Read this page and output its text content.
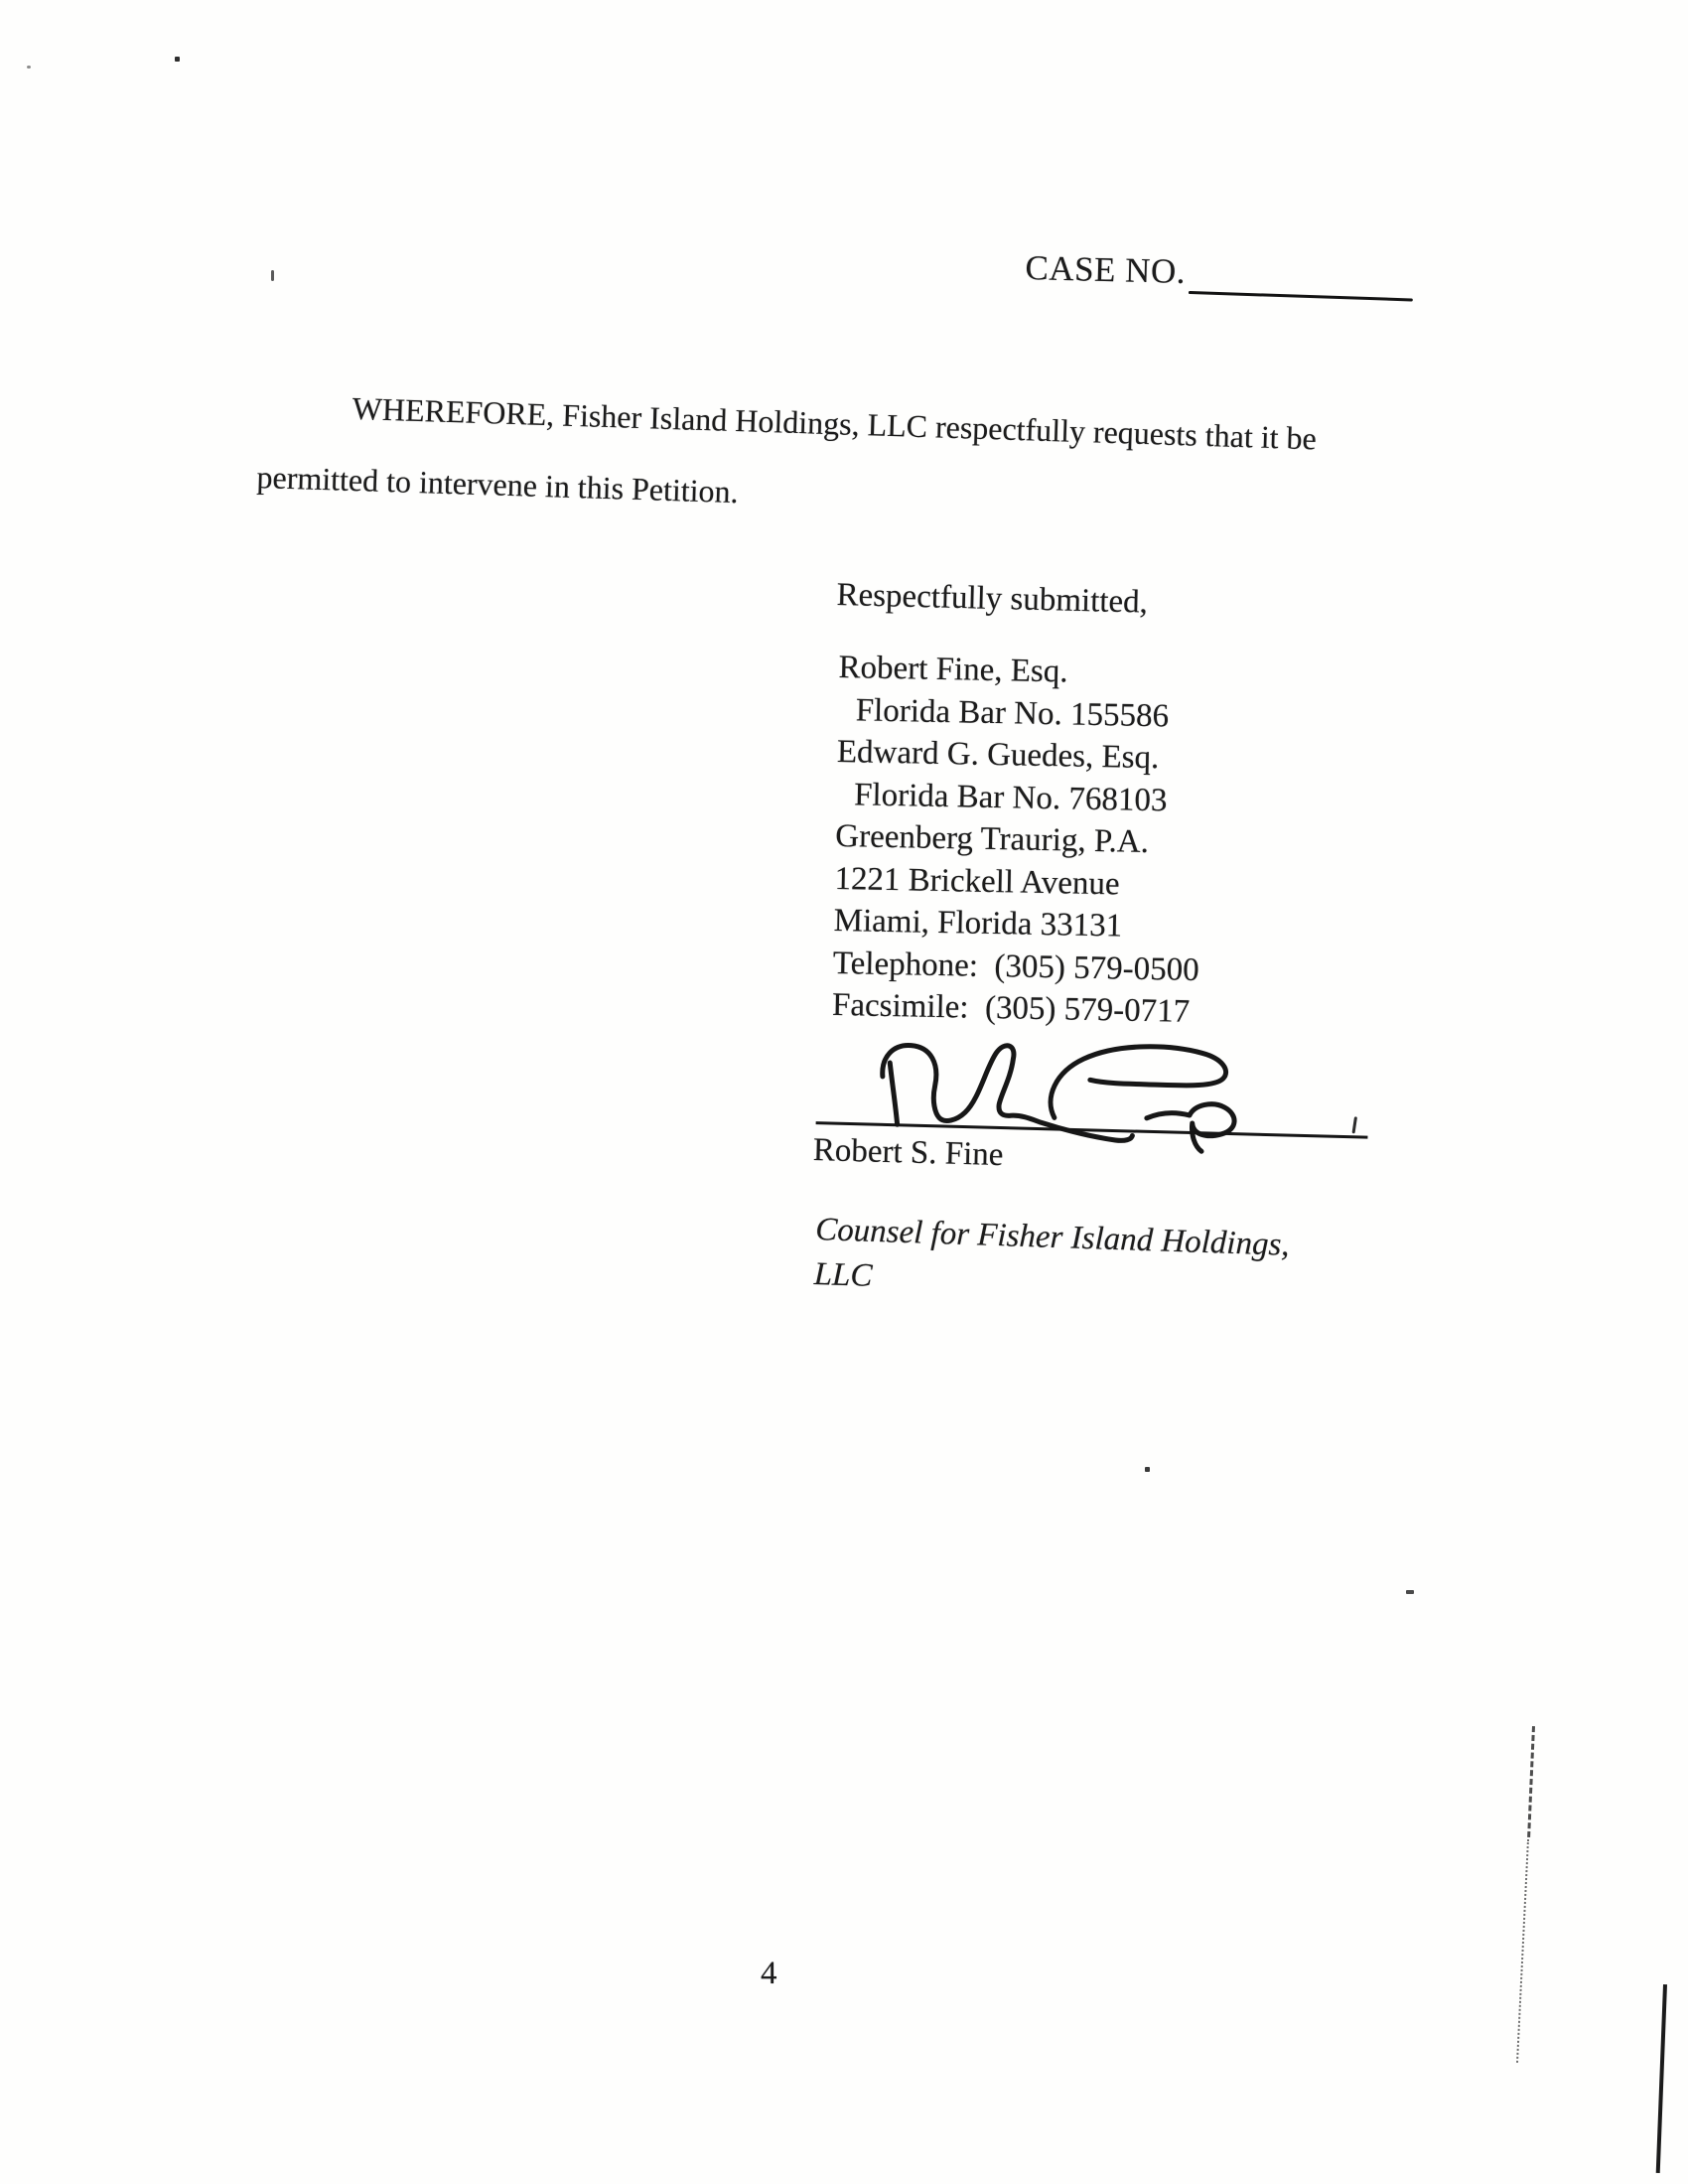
CASE NO.

WHEREFORE, Fisher Island Holdings, LLC respectfully requests that it be
permitted to intervene in this Petition.

Respectfully submitted,
Robert Fine, Esq.
Florida Bar No. 155586
Edward G. Guedes, Esq.
Florida Bar No. 768103
Greenberg Traurig, P.A.
1221 Brickell Avenue
Miami, Florida 33131
Telephone:  (305) 579-0500
Facsimile:  (305) 579-0717
Robert S. Fine
Counsel for Fisher Island Holdings,
LLC
4
